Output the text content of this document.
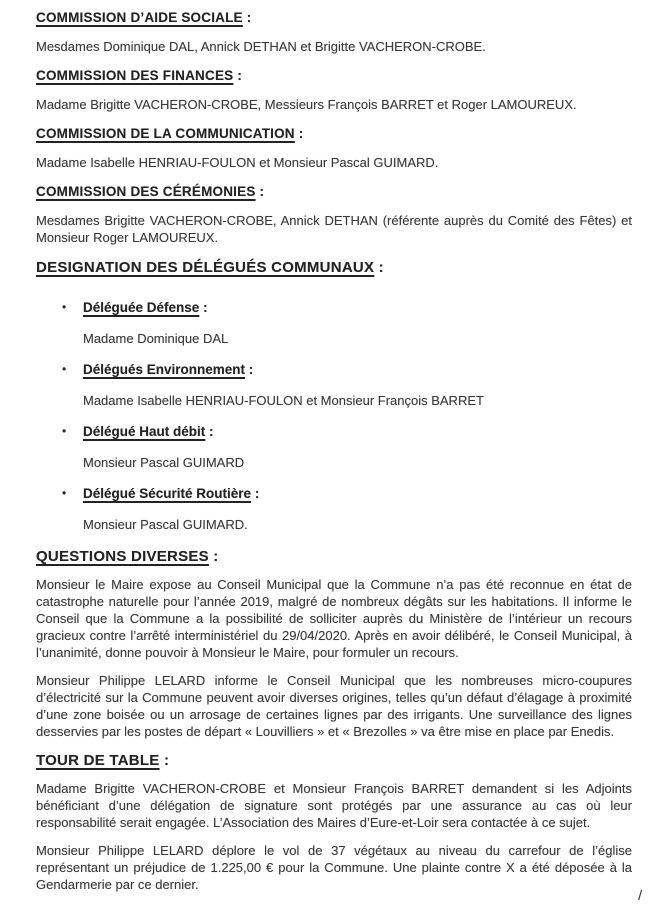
COMMISSION D’AIDE SOCIALE :

Mesdames Dominique DAL, Annick DETHAN et Brigitte VACHERON-CROBE.

COMMISSION DES FINANCES :

Madame Brigitte VACHERON-CROBE, Messieurs François BARRET et Roger LAMOUREUX.

COMMISSION DE LA COMMUNICATION :

Madame Isabelle HENRIAU-FOULON et Monsieur Pascal GUIMARD.

COMMISSION DES CÉRÉMONIES :

Mesdames Brigitte VACHERON-CROBE, Annick DETHAN (référente auprès du Comité des Fêtes) et Monsieur Roger LAMOUREUX.

DESIGNATION DES DÉLÉGUÉS COMMUNAUX :
• Déléguée Défense :

Madame Dominique DAL

• Délégués Environnement :

Madame Isabelle HENRIAU-FOULON et Monsieur François BARRET

• Délégué Haut débit :

Monsieur Pascal GUIMARD

• Délégué Sécurité Routière :

Monsieur Pascal GUIMARD.

QUESTIONS DIVERSES :

Monsieur le Maire expose au Conseil Municipal que la Commune n’a pas été reconnue en état de catastrophe naturelle pour l’année 2019, malgré de nombreux dégâts sur les habitations. Il informe le Conseil que la Commune a la possibilité de solliciter auprès du Ministère de l’intérieur un recours gracieux contre l’arrêté interministériel du 29/04/2020. Après en avoir délibéré, le Conseil Municipal, à l’unanimité, donne pouvoir à Monsieur le Maire, pour formuler un recours.

Monsieur Philippe LELARD informe le Conseil Municipal que les nombreuses micro-coupures d’électricité sur la Commune peuvent avoir diverses origines, telles qu’un défaut d’élagage à proximité d’une zone boisée ou un arrosage de certaines lignes par des irrigants. Une surveillance des lignes desservies par les postes de départ « Louvilliers » et « Brezolles » va être mise en place par Enedis.

TOUR DE TABLE :

Madame Brigitte VACHERON-CROBE et Monsieur François BARRET demandent si les Adjoints bénéficiant d’une délégation de signature sont protégés par une assurance au cas où leur responsabilité serait engagée. L’Association des Maires d’Eure-et-Loir sera contactée à ce sujet.

Monsieur Philippe LELARD déplore le vol de 37 végétaux au niveau du carrefour de l’église représentant un préjudice de 1.225,00 € pour la Commune. Une plainte contre X a été déposée à la Gendarmerie par ce dernier.

/
